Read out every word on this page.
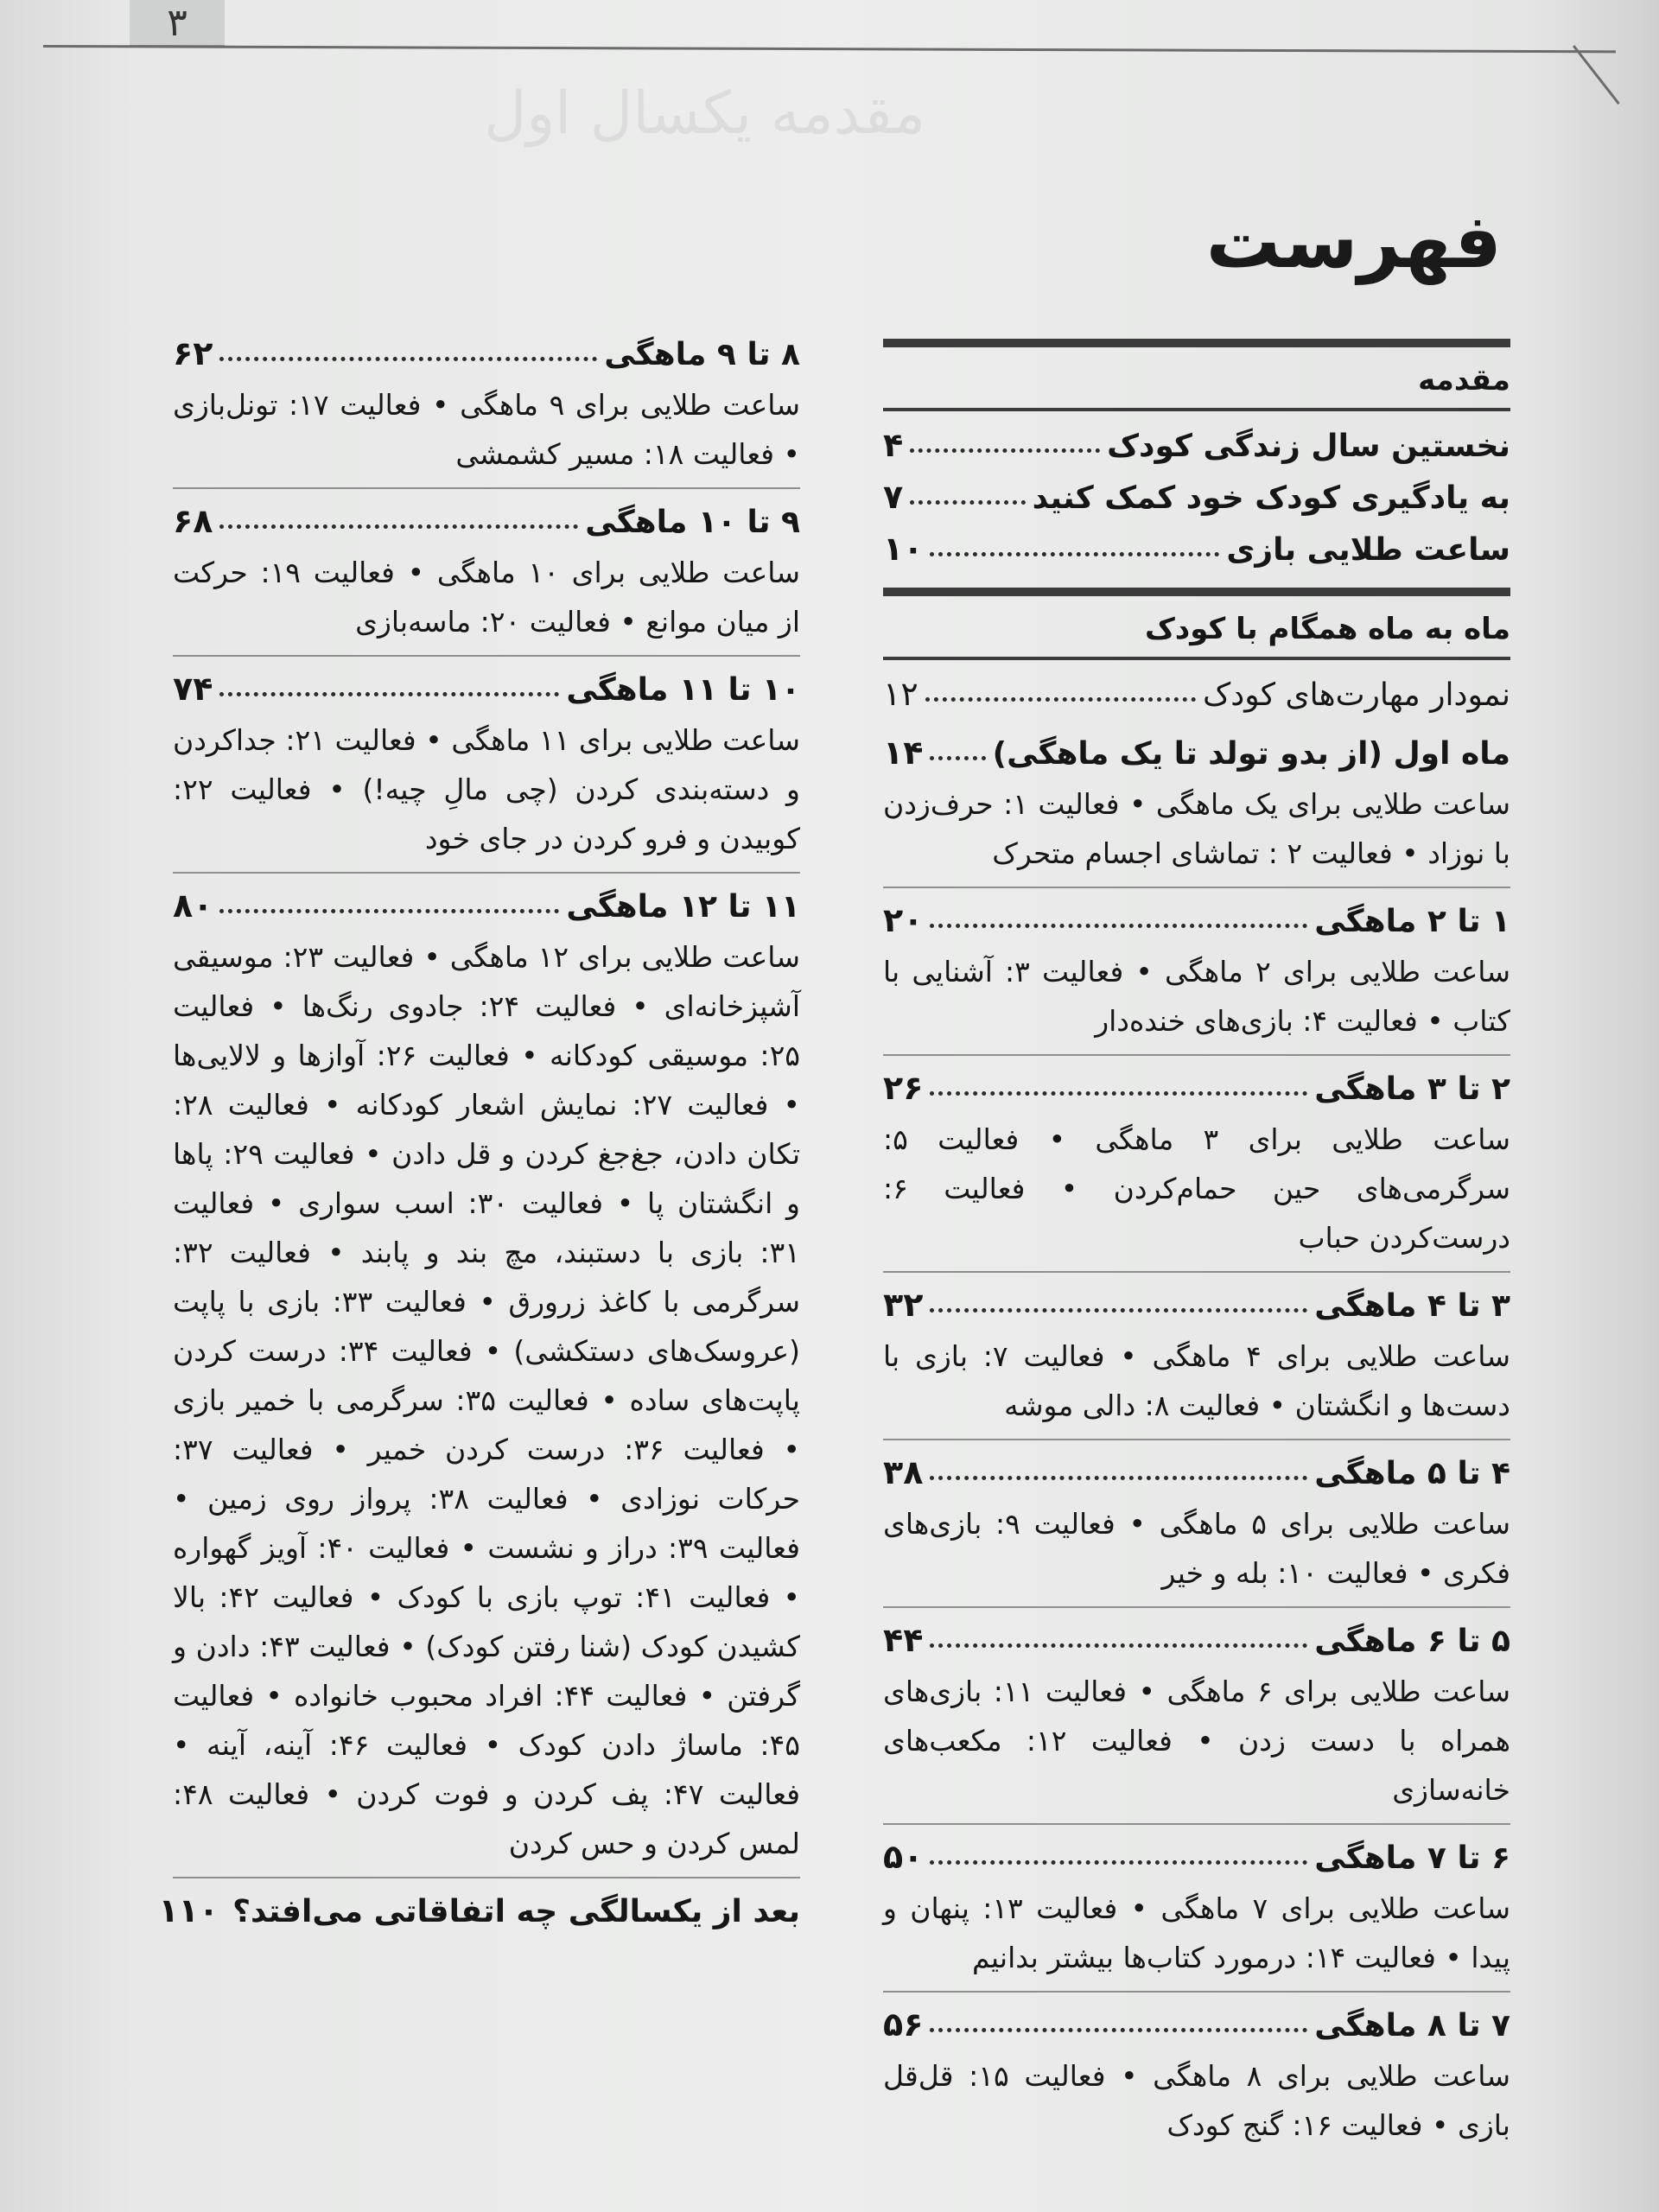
۳
مقدمه یکسال اول
فهرست
مقدمه
نخستین سال زندگی کودک
۴
به یادگیری کودک خود کمک کنید
۷
ساعت طلایی بازی
۱۰
ماه به ماه همگام با کودک
نمودار مهارت‌های کودک
۱۲
ماه اول (از بدو تولد تا یک ماهگی)
۱۴
ساعت طلایی برای یک ماهگی • فعالیت ۱: حرف‌زدن با نوزاد • فعالیت ۲ : تماشای اجسام متحرک
۱ تا ۲ ماهگی
۲۰
ساعت طلایی برای ۲ ماهگی • فعالیت ۳: آشنایی با کتاب • فعالیت ۴: بازی‌های خنده‌دار
۲ تا ۳ ماهگی
۲۶
ساعت طلایی برای ۳ ماهگی • فعالیت ۵: سرگرمی‌های حین حمام‌کردن • فعالیت ۶: درست‌کردن حباب
۳ تا ۴ ماهگی
۳۲
ساعت طلایی برای ۴ ماهگی • فعالیت ۷: بازی با دست‌ها و انگشتان • فعالیت ۸: دالی موشه
۴ تا ۵ ماهگی
۳۸
ساعت طلایی برای ۵ ماهگی • فعالیت ۹: بازی‌های فکری • فعالیت ۱۰: بله و خیر
۵ تا ۶ ماهگی
۴۴
ساعت طلایی برای ۶ ماهگی • فعالیت ۱۱: بازی‌های همراه با دست زدن • فعالیت ۱۲: مکعب‌های خانه‌سازی
۶ تا ۷ ماهگی
۵۰
ساعت طلایی برای ۷ ماهگی • فعالیت ۱۳: پنهان و پیدا • فعالیت ۱۴: درمورد کتاب‌ها بیشتر بدانیم
۷ تا ۸ ماهگی
۵۶
ساعت طلایی برای ۸ ماهگی • فعالیت ۱۵: قل‌قل بازی • فعالیت ۱۶: گنج کودک
۸ تا ۹ ماهگی
۶۲
ساعت طلایی برای ۹ ماهگی • فعالیت ۱۷: تونل‌بازی • فعالیت ۱۸: مسیر کشمشی
۹ تا ۱۰ ماهگی
۶۸
ساعت طلایی برای ۱۰ ماهگی • فعالیت ۱۹: حرکت از میان موانع • فعالیت ۲۰: ماسه‌بازی
۱۰ تا ۱۱ ماهگی
۷۴
ساعت طلایی برای ۱۱ ماهگی • فعالیت ۲۱: جداکردن و دسته‌بندی کردن (چی مالِ چیه!) • فعالیت ۲۲: کوبیدن و فرو کردن در جای خود
۱۱ تا ۱۲ ماهگی
۸۰
ساعت طلایی برای ۱۲ ماهگی • فعالیت ۲۳: موسیقی آشپزخانه‌ای • فعالیت ۲۴: جادوی رنگ‌ها • فعالیت ۲۵: موسیقی کودکانه • فعالیت ۲۶: آوازها و لالایی‌ها • فعالیت ۲۷: نمایش اشعار کودکانه • فعالیت ۲۸: تکان دادن، جغ‌جغ کردن و قل دادن • فعالیت ۲۹: پاها و انگشتان پا • فعالیت ۳۰: اسب سواری • فعالیت ۳۱: بازی با دستبند، مچ بند و پابند • فعالیت ۳۲: سرگرمی با کاغذ زرورق • فعالیت ۳۳: بازی با پاپت (عروسک‌های دستکشی) • فعالیت ۳۴: درست کردن پاپت‌های ساده • فعالیت ۳۵: سرگرمی با خمیر بازی • فعالیت ۳۶: درست کردن خمیر • فعالیت ۳۷: حرکات نوزادی • فعالیت ۳۸: پرواز روی زمین • فعالیت ۳۹: دراز و نشست • فعالیت ۴۰: آویز گهواره • فعالیت ۴۱: توپ بازی با کودک • فعالیت ۴۲: بالا کشیدن کودک (شنا رفتن کودک) • فعالیت ۴۳: دادن و گرفتن • فعالیت ۴۴: افراد محبوب خانواده • فعالیت ۴۵: ماساژ دادن کودک • فعالیت ۴۶: آینه، آینه • فعالیت ۴۷: پف کردن و فوت کردن • فعالیت ۴۸: لمس کردن و حس کردن
بعد از یکسالگی چه اتفاقاتی می‌افتد؟
۱۱۰
